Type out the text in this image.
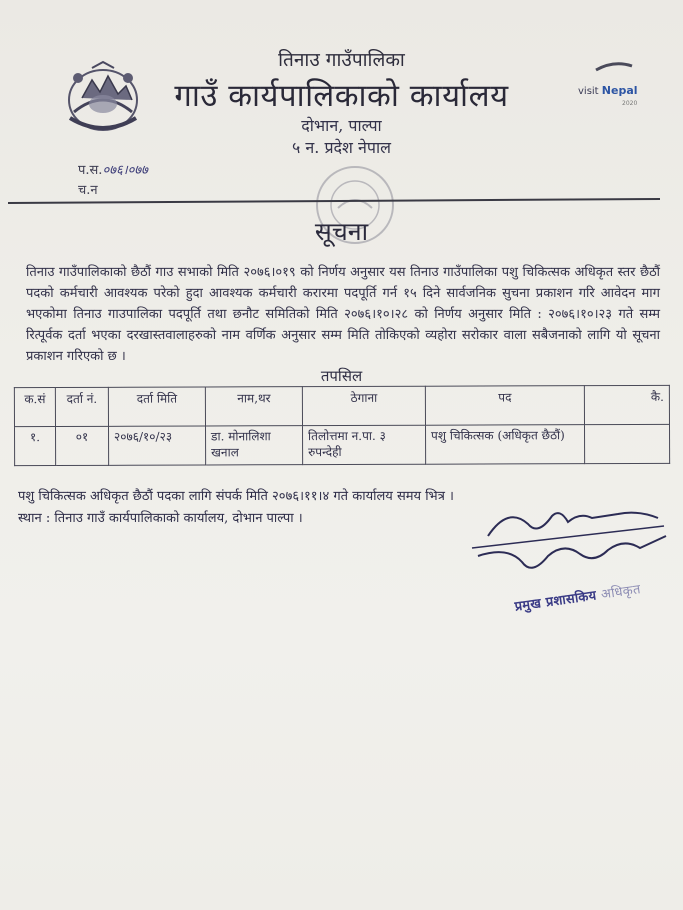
visit Nepal
2020
तिनाउ गाउँपालिका
गाउँ कार्यपालिकाको कार्यालय
दोभान, पाल्पा
५ न. प्रदेश नेपाल
प.स.०७६।०७७
च.न
सूचना
तिनाउ गाउँपालिकाको छैठौं गाउ सभाको मिति २०७६।०१९ को निर्णय अनुसार यस तिनाउ गाउँपालिका पशु चिकित्सक अधिकृत स्तर छैठौं पदको कर्मचारी आवश्यक परेको हुदा आवश्यक कर्मचारी करारमा पदपूर्ति गर्न १५ दिने सार्वजनिक सुचना प्रकाशन गरि आवेदन माग भएकोमा तिनाउ गाउपालिका पदपूर्ति तथा छनौट समितिको मिति २०७६।१०।२८ को निर्णय अनुसार मिति : २०७६।१०।२३ गते सम्म रित्पूर्वक दर्ता भएका दरखास्तवालाहरुको नाम वर्णिक अनुसार सम्म मिति तोकिएको व्यहोरा सरोकार वाला सबैजनाको लागि यो सूचना प्रकाशन गरिएको छ ।
तपसिल
क.सं	दर्ता नं.	दर्ता मिति	नाम,थर	ठेगाना	पद	कै.
१.	०१	२०७६/१०/२३	डा. मोनालिशा खनाल	तिलोत्तमा न.पा. ३ रुपन्देही	पशु चिकित्सक (अधिकृत छैठौं)	
पशु चिकित्सक अधिकृत छैठौं पदका लागि संपर्क मिति २०७६।११।४ गते कार्यालय समय भित्र ।
स्थान : तिनाउ गाउँ कार्यपालिकाको कार्यालय, दोभान पाल्पा ।
प्रमुख प्रशासकिय अधिकृत
